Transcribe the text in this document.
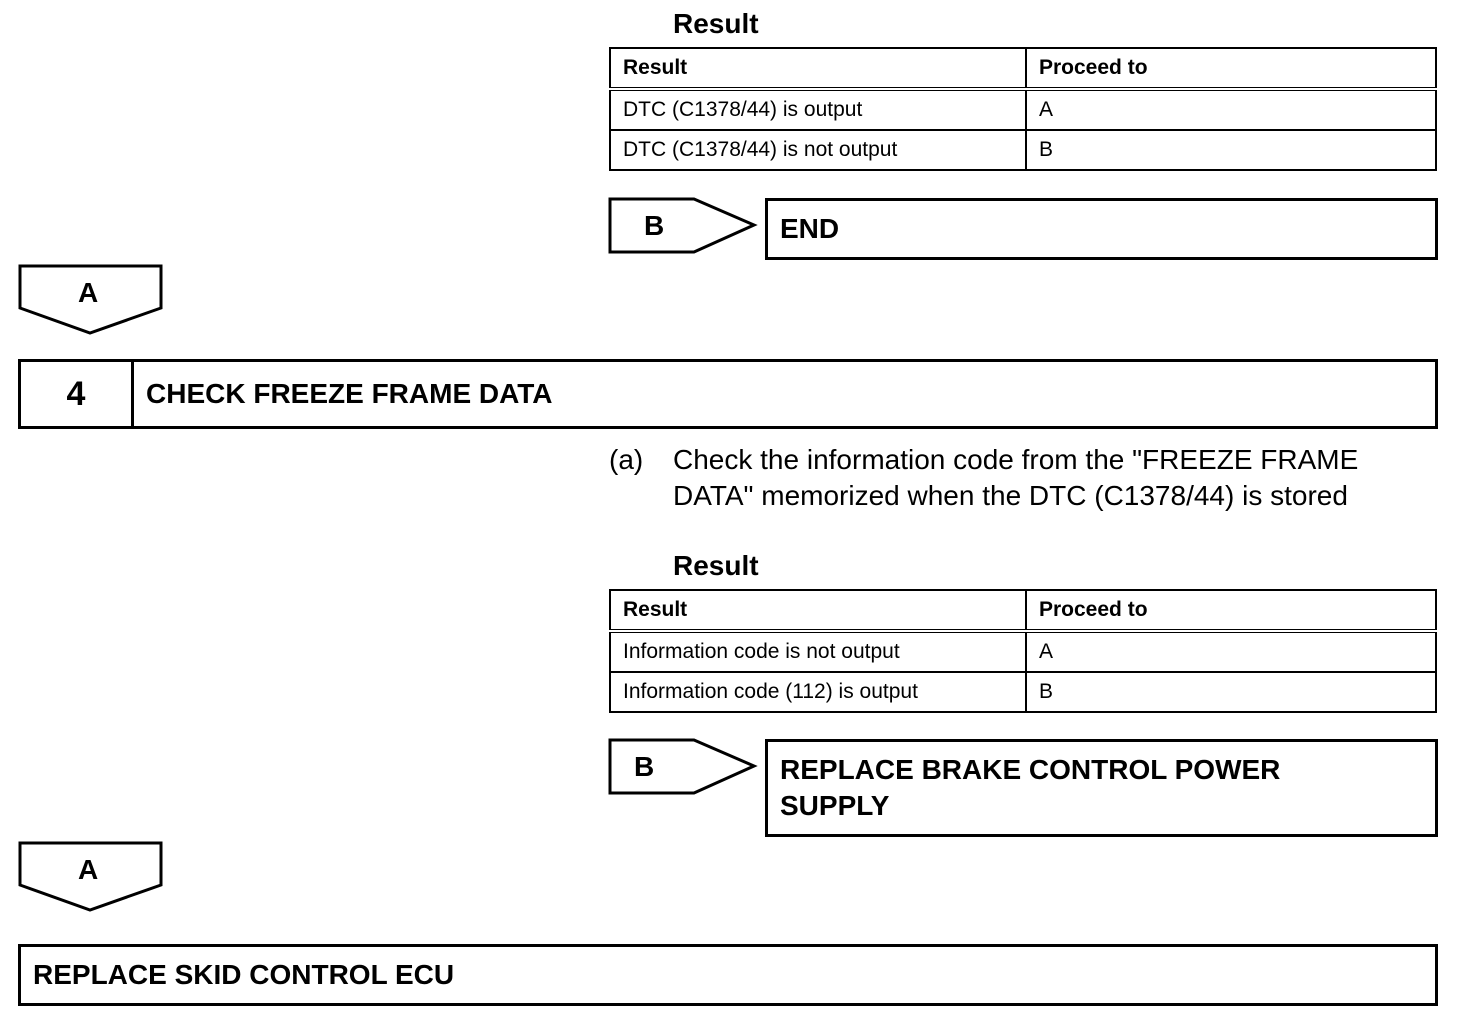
Result
Result	Proceed to
DTC (C1378/44) is output	A
DTC (C1378/44) is not output	B
B	END
A
4	CHECK FREEZE FRAME DATA
(a) Check the information code from the "FREEZE FRAME
DATA" memorized when the DTC (C1378/44) is stored
Result
Result	Proceed to
Information code is not output	A
Information code (112) is output	B
B	REPLACE BRAKE CONTROL POWER
SUPPLY
A
REPLACE SKID CONTROL ECU
